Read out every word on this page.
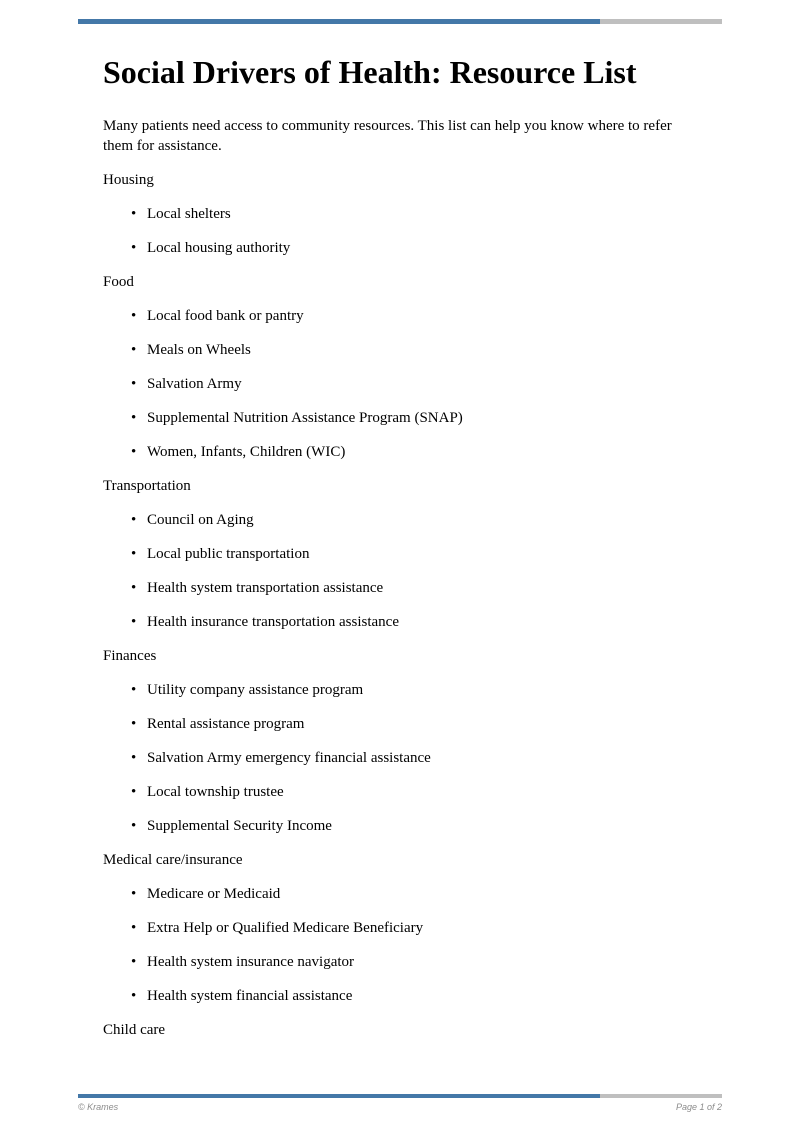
Social Drivers of Health: Resource List

Many patients need access to community resources. This list can help you know where to refer them for assistance.

Housing

• Local shelters
• Local housing authority

Food

• Local food bank or pantry
• Meals on Wheels
• Salvation Army
• Supplemental Nutrition Assistance Program (SNAP)
• Women, Infants, Children (WIC)

Transportation

• Council on Aging
• Local public transportation
• Health system transportation assistance
• Health insurance transportation assistance

Finances

• Utility company assistance program
• Rental assistance program
• Salvation Army emergency financial assistance
• Local township trustee
• Supplemental Security Income

Medical care/insurance

• Medicare or Medicaid
• Extra Help or Qualified Medicare Beneficiary
• Health system insurance navigator
• Health system financial assistance

Child care

© Krames	Page 1 of 2
